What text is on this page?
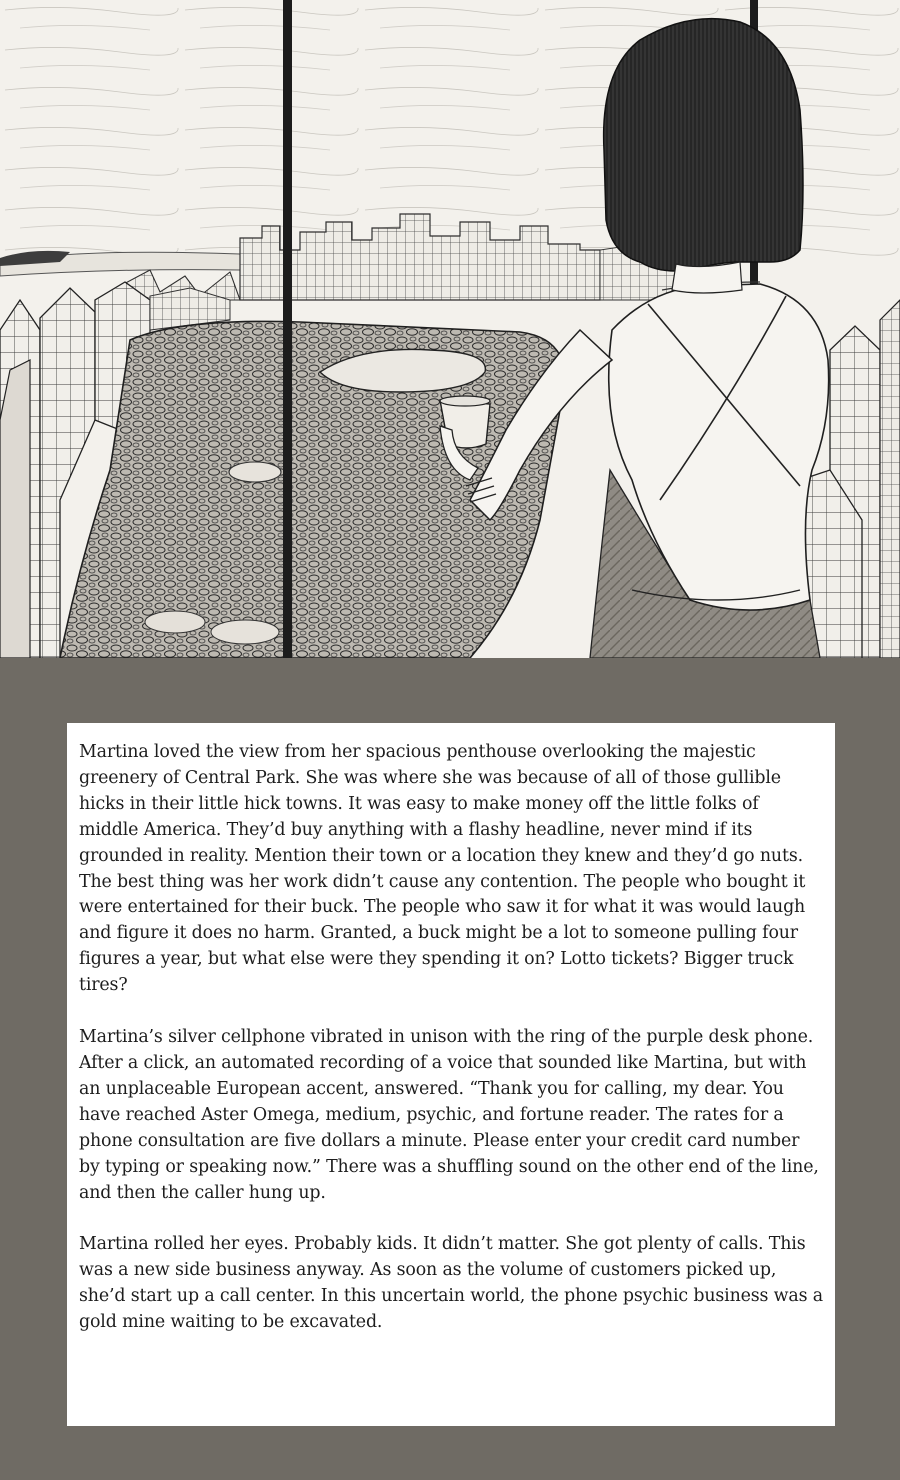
Martina loved the view from her spacious penthouse overlooking the majestic greenery of Central Park. She was where she was because of all of those gullible hicks in their little hick towns. It was easy to make money off the little folks of middle America. They’d buy anything with a flashy headline, never mind if its grounded in reality. Mention their town or a location they knew and they’d go nuts. The best thing was her work didn’t cause any contention. The people who bought it were entertained for their buck. The people who saw it for what it was would laugh and figure it does no harm. Granted, a buck might be a lot to someone pulling four figures a year, but what else were they spending it on? Lotto tickets? Bigger truck tires?

Martina’s silver cellphone vibrated in unison with the ring of the purple desk phone. After a click, an automated recording of a voice that sounded like Martina, but with an unplaceable European accent, answered. “Thank you for calling, my dear. You have reached Aster Omega, medium, psychic, and fortune reader. The rates for a phone consultation are five dollars a minute. Please enter your credit card number by typing or speaking now.” There was a shuffling sound on the other end of the line, and then the caller hung up.

Martina rolled her eyes. Probably kids. It didn’t matter. She got plenty of calls. This was a new side business anyway. As soon as the volume of customers picked up, she’d start up a call center. In this uncertain world, the phone psychic business was a gold mine waiting to be excavated.
